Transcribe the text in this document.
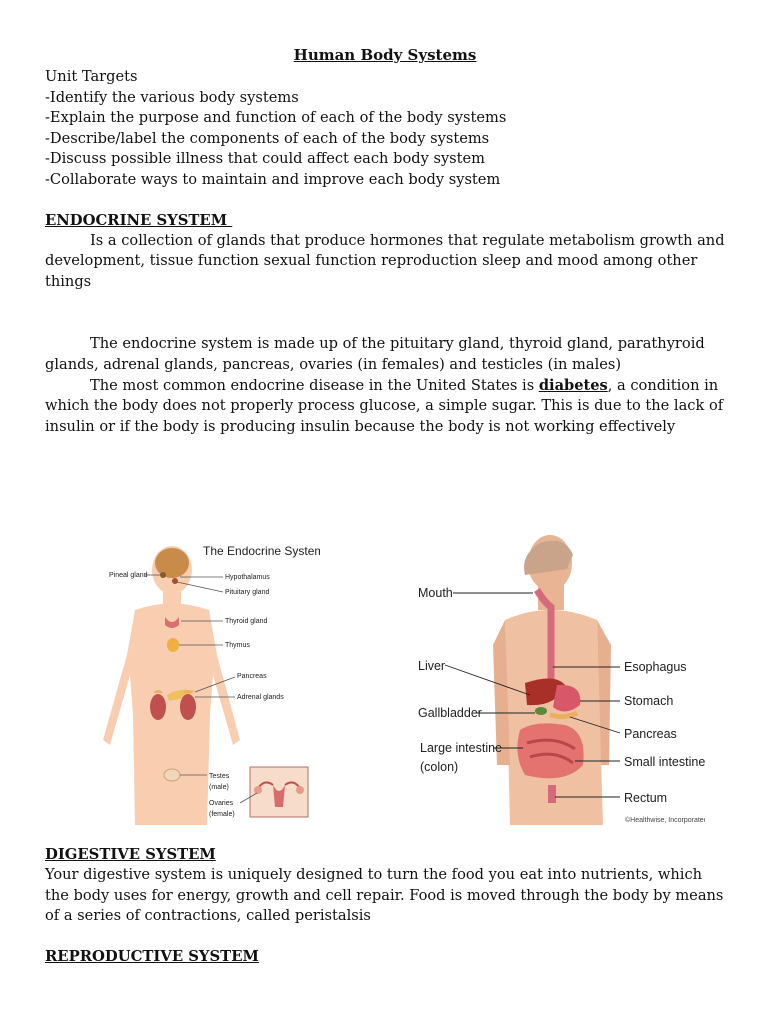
Human Body Systems

Unit Targets

-Identify the various body systems

-Explain the purpose and function of each of the body systems

-Describe/label the components of each of the body systems

-Discuss possible illness that could affect each body system

-Collaborate ways to maintain and improve each body system

ENDOCRINE SYSTEM

Is a collection of glands that produce hormones that regulate metabolism growth and development, tissue function sexual function reproduction sleep and mood among other things

The endocrine system is made up of the pituitary gland, thyroid gland, parathyroid glands, adrenal glands, pancreas, ovaries (in females) and testicles (in males)

The most common endocrine disease in the United States is diabetes, a condition in which the body does not properly process glucose, a simple sugar. This is due to the lack of insulin or if the body is producing insulin because the body is not working effectively

The Endocrine System
Pineal gland	Hypothalamus
Pituitary gland
Thyroid gland
Thymus
Pancreas
Adrenal glands
Testes
(male)
Ovaries
(female)
Mouth
Liver
Gallbladder
Large intestine
(colon)
Esophagus
Stomach
Pancreas
Small intestine
Rectum
©Healthwise, Incorporated

DIGESTIVE SYSTEM

Your digestive system is uniquely designed to turn the food you eat into nutrients, which the body uses for energy, growth and cell repair. Food is moved through the body by means of a series of contractions, called peristalsis

REPRODUCTIVE SYSTEM
